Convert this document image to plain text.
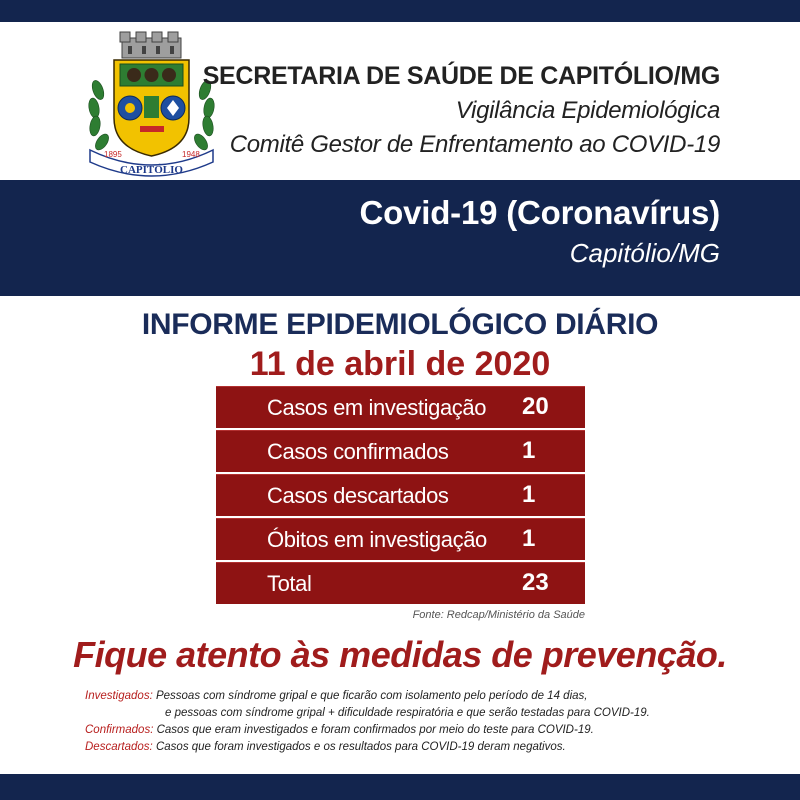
1895	1948
CAPITÓLIO
SECRETARIA DE SAÚDE DE CAPITÓLIO/MG
Vigilância Epidemiológica
Comitê Gestor de Enfrentamento ao COVID-19
Covid-19 (Coronavírus)
Capitólio/MG
INFORME EPIDEMIOLÓGICO DIÁRIO
11 de abril de 2020
Casos em investigação 20
Casos confirmados	1
Casos descartados	1
Óbitos em investigação 1
Total	23
Fonte: Redcap/Ministério da Saúde
Fique atento às medidas de prevenção.
Investigados: Pessoas com síndrome gripal e que ficarão com isolamento pelo período de 14 dias,
e pessoas com síndrome gripal + dificuldade respiratória e que serão testadas para COVID-19.
Confirmados: Casos que eram investigados e foram confirmados por meio do teste para COVID-19.
Descartados: Casos que foram investigados e os resultados para COVID-19 deram negativos.
